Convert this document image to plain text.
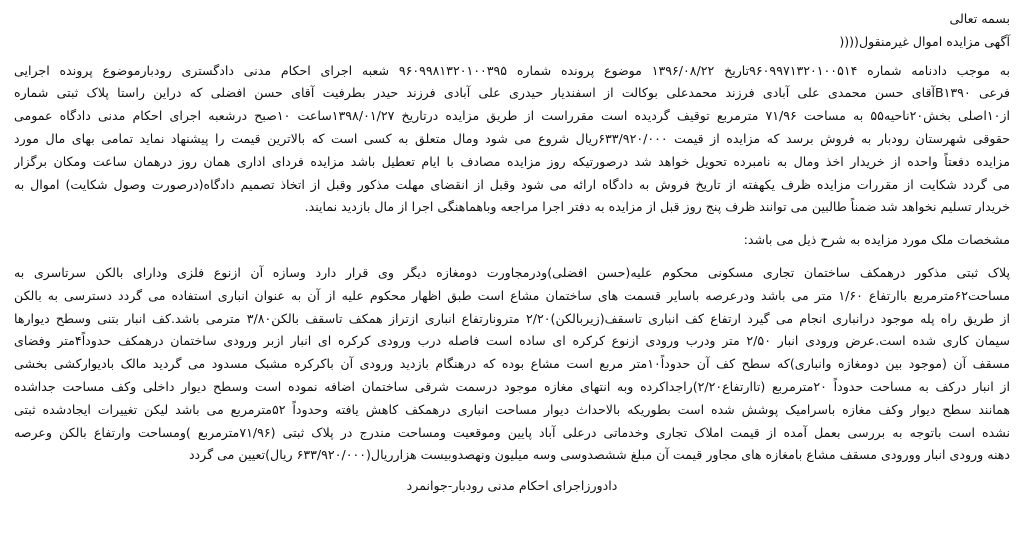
بسمه تعالی
آگهی مزایده اموال غیرمنقول((((
به موجب دادنامه شماره ۹۶۰۹۹۷۱۳۲۰۱۰۰۵۱۴تاریخ ۱۳۹۶/۰۸/۲۲ موضوع پرونده شماره ۹۶۰۹۹۸۱۳۲۰۱۰۰۳۹۵ شعبه اجرای احکام مدنی دادگستری رودبارموضوع پرونده اجرایی
فرعی B۱۳۹۰آقای حسن محمدی علی آبادی فرزند محمدعلی بوکالت از اسفندیار حیدری علی آبادی فرزند حیدر بطرفیت آقای حسن افضلی که دراین راستا پلاک ثبتی شماره
از۱۰اصلی بخش۲۰ناحیه۵۵ به مساحت ۷۱/۹۶ مترمربع توقیف گردیده است مقرراست از طریق مزایده درتاریخ ۱۳۹۸/۰۱/۲۷ساعت ۱۰صبح درشعبه اجرای احکام مدنی دادگاه عمومی
حقوقی شهرستان رودبار به فروش برسد که مزایده از قیمت ۶۳۳/۹۲۰/۰۰۰ریال شروع می شود ومال متعلق به کسی است که بالاترین قیمت را پیشنهاد نماید تمامی بهای مال مورد
مزایده دفعتاً واحده از خریدار اخذ ومال به نامبرده تحویل خواهد شد درصورتیکه روز مزایده مصادف با ایام تعطیل باشد مزایده فردای اداری همان روز درهمان ساعت ومکان برگزار
می گردد شکایت از مقررات مزایده ظرف یکهفته از تاریخ فروش به دادگاه ارائه می شود وقبل از انقضای مهلت مذکور وقبل از اتخاذ تصمیم دادگاه(درصورت وصول شکایت) اموال به
خریدار تسلیم نخواهد شد ضمناً طالبین می توانند ظرف پنج روز قبل از مزایده به دفتر اجرا مراجعه وباهماهنگی اجرا از مال بازدید نمایند.
مشخصات ملک مورد مزایده به شرح ذیل می باشد:
پلاک ثبتی مذکور درهمکف ساختمان تجاری مسکونی محکوم علیه(حسن افضلی)ودرمجاورت دومغازه دیگر وی قرار دارد وسازه آن ازنوع فلزی ودارای بالکن سرتاسری به
مساحت۶۲مترمربع باارتفاع ۱/۶۰ متر می باشد ودرعرصه باسایر قسمت های ساختمان مشاع است طبق اظهار محکوم علیه از آن به عنوان انباری استفاده می گردد دسترسی به بالکن
از طریق راه پله موجود درانباری انجام می گیرد ارتفاع کف انباری تاسقف(زیربالکن)۲/۲۰ مترونارتفاع انباری ازتراز همکف تاسقف بالکن۳/۸۰ مترمی باشد.کف انبار بتنی وسطح دیوارها
سیمان کاری شده است.عرض ورودی انبار ۲/۵۰ متر ودرب ورودی ازنوع کرکره ای ساده است فاصله درب ورودی کرکره ای انبار ازبر ورودی ساختمان درهمکف حدوداً۴متر وفضای
مسقف آن (موجود بین دومغازه وانباری)که سطح کف آن حدوداً۱۰متر مربع است مشاع بوده که درهنگام بازدید ورودی آن باکرکره مشبک مسدود می گردید مالک بادیوارکشی بخشی
از انبار درکف به مساحت حدوداً ۲۰مترمربع (تاارتفاع۲/۲۰)راجداکرده وبه انتهای مغازه موجود درسمت شرقی ساختمان اضافه نموده است وسطح دیوار داخلی وکف مساحت جداشده
همانند سطح دیوار وکف مغازه باسرامیک پوشش شده است بطوریکه بالاحداث دیوار مساحت انباری درهمکف کاهش یافته وحدوداً ۵۲مترمربع می باشد لیکن تغییرات ایجادشده ثبتی
نشده است باتوجه به بررسی بعمل آمده از قیمت املاک تجاری وخدماتی درعلی آباد پایین وموقعیت ومساحت مندرج در پلاک ثبتی (۷۱/۹۶مترمربع )ومساحت وارتفاع بالکن وعرصه
دهنه ورودی انبار وورودی مسقف مشاع بامغازه های مجاور قیمت آن مبلغ ششصدوسی وسه میلیون ونهصدوبیست هزارریال(۶۳۳/۹۲۰/۰۰۰ ریال)تعیین می گردد
دادورزاجرای احکام مدنی رودبار-جوانمرد
